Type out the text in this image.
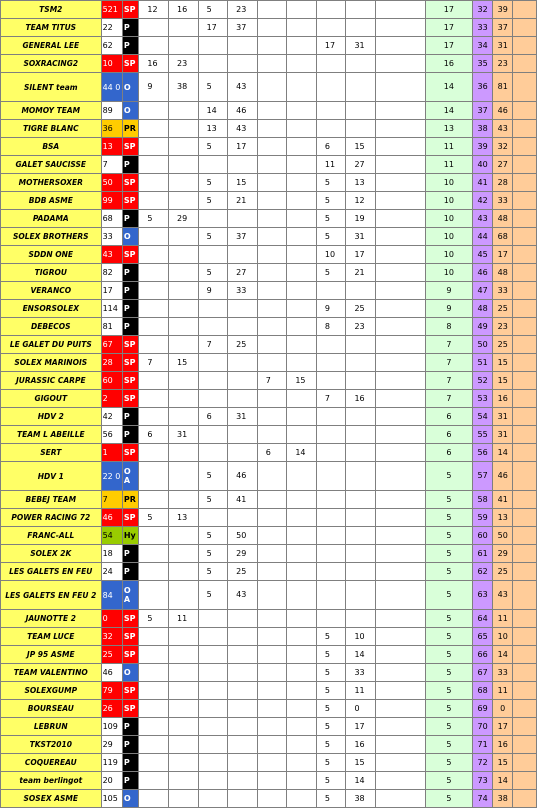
TSM2	521	SP	12	16	5	23						17	32	39	
TEAM TITUS	22	P			17	37						17	33	37	
GENERAL LEE	62	P							17	31		17	34	31	
SOXRACING2	10	SP	16	23								16	35	23	
SILENT team	44 0	O	9	38	5	43						14	36	81	
MOMOY TEAM	89	O			14	46						14	37	46	
TIGRE BLANC	36	PR			13	43						13	38	43	
BSA	13	SP			5	17			6	15		11	39	32	
GALET SAUCISSE	7	P							11	27		11	40	27	
MOTHERSOXER	50	SP			5	15			5	13		10	41	28	
BDB ASME	99	SP			5	21			5	12		10	42	33	
PADAMA	68	P	5	29					5	19		10	43	48	
SOLEX BROTHERS	33	O			5	37			5	31		10	44	68	
SDDN ONE	43	SP							10	17		10	45	17	
TIGROU	82	P			5	27			5	21		10	46	48	
VERANCO	17	P			9	33						9	47	33	
ENSORSOLEX	114	P							9	25		9	48	25	
DEBECOS	81	P							8	23		8	49	23	
LE GALET DU PUITS	67	SP			7	25						7	50	25	
SOLEX MARINOIS	28	SP	7	15								7	51	15	
JURASSIC CARPE	60	SP					7	15				7	52	15	
GIGOUT	2	SP							7	16		7	53	16	
HDV 2	42	P			6	31						6	54	31	
TEAM L ABEILLE	56	P	6	31								6	55	31	
SERT	1	SP					6	14				6	56	14	
HDV 1	22 0	O A			5	46						5	57	46	
BEBEJ TEAM	7	PR			5	41						5	58	41	
POWER RACING 72	46	SP	5	13								5	59	13	
FRANC-ALL	54	Hy			5	50						5	60	50	
SOLEX 2K	18	P			5	29						5	61	29	
LES GALETS EN FEU	24	P			5	25						5	62	25	
LES GALETS EN FEU 2	84	O A			5	43						5	63	43	
JAUNOTTE 2	0	SP	5	11								5	64	11	
TEAM LUCE	32	SP							5	10		5	65	10	
JP 95 ASME	25	SP							5	14		5	66	14	
TEAM VALENTINO	46	O							5	33		5	67	33	
SOLEXGUMP	79	SP							5	11		5	68	11	
BOURSEAU	26	SP							5	0		5	69	0	
LEBRUN	109	P							5	17		5	70	17	
TKST2010	29	P							5	16		5	71	16	
COQUEREAU	119	P							5	15		5	72	15	
team berlingot	20	P							5	14		5	73	14	
SOSEX ASME	105	O							5	38		5	74	38	
